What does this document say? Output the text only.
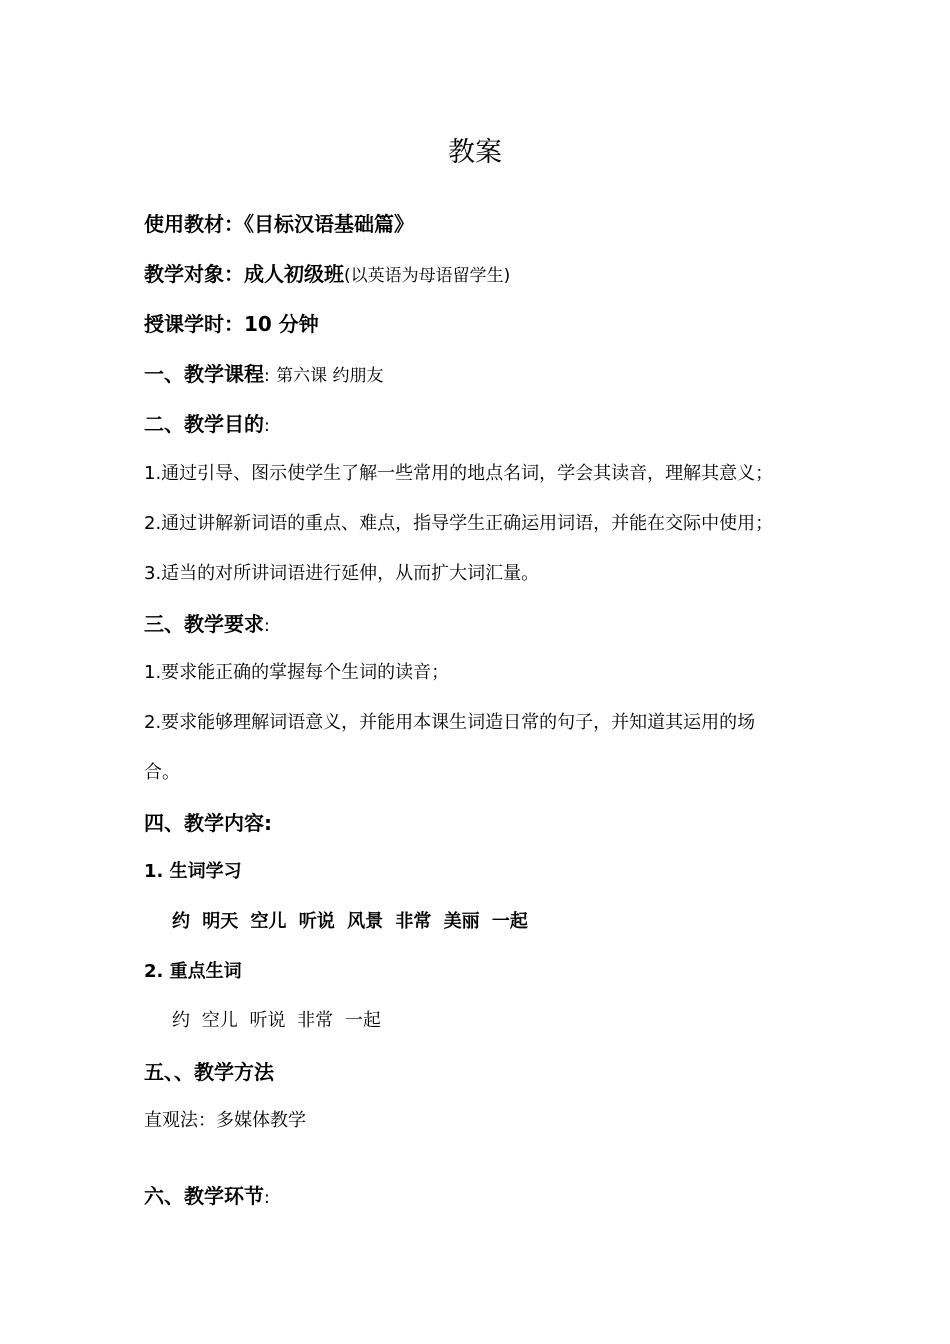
教案
使用教材：《目标汉语基础篇》
教学对象：成人初级班(以英语为母语留学生)
授课学时：10 分钟
一、教学课程: 第六课 约朋友
二、教学目的:
1.通过引导、图示使学生了解一些常用的地点名词，学会其读音，理解其意义；
2.通过讲解新词语的重点、难点，指导学生正确运用词语，并能在交际中使用；
3.适当的对所讲词语进行延伸，从而扩大词汇量。
三、教学要求:
1.要求能正确的掌握每个生词的读音；
2.要求能够理解词语意义，并能用本课生词造日常的句子，并知道其运用的场
合。
四、教学内容:
1. 生词学习
约 明天 空儿 听说 风景 非常 美丽 一起
2. 重点生词
约 空儿 听说 非常 一起
五、、教学方法
直观法：多媒体教学
六、教学环节:
